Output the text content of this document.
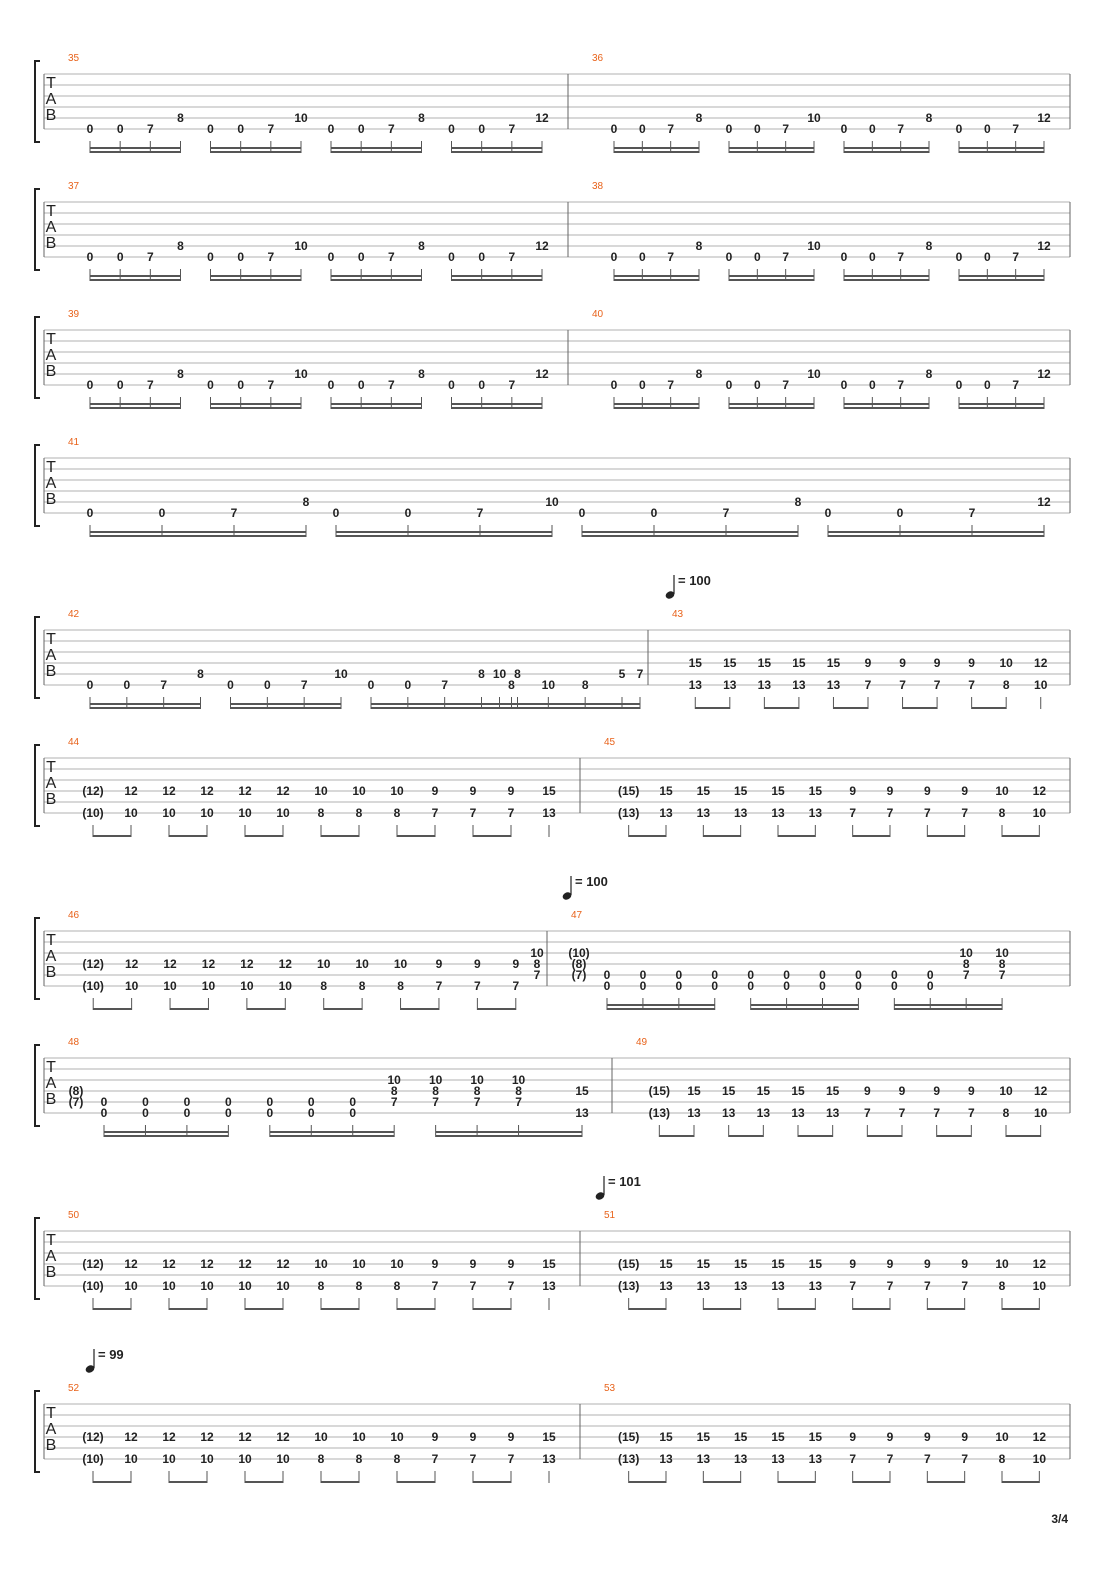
= 100
= 100
= 101
= 99
T
A
B
35
0 0 7
8
0 0 7
10
0 0 7
8
0 0 7
12
36
0 0 7
8
0 0 7
10
0 0 7
8
0 0 7
12
T
A
B
37
0 0 7
8
0 0 7
10
0 0 7
8
0 0 7
12
38
0 0 7
8
0 0 7
10
0 0 7
8
0 0 7
12
T
A
B
39
0 0 7
8
0 0 7
10
0 0 7
8
0 0 7
12
40
0 0 7
8
0 0 7
10
0 0 7
8
0 0 7
12
T
A
B
41
0	0	7
8
0	0	7
10
0	0	7
8
0	0	7
12
T
A
B
42
0	0	7
8
0	0	7
10
0	0	7
8 10 8
8 10 8
5 7
43
15
13
15
13
15
13
15
13
15
13
9
7
9
7
9
7
9
7
10
8
12
10
T
A
B
44
(12)
(10)
12
10
12
10
12
10
12
10
12
10
10
8
10
8
10
8
9
7
9
7
9
7
15
13
45
(15)
(13)
15
13
15
13
15
13
15
13
15
13
9
7
9
7
9
7
9
7
10
8
12
10
T
A
B
46
(12)
(10)
12
10
12
10
12
10
12
10
12
10
10
8
10
8
10
8
9
7
9
7
9
7
10
8
7
47
(10)
(8)
(7) 0
0
0
0
0
0
0
0
0
0
0
0
0
0
0
0
0
0
0
0
10
8
7
10
8
7
T
A
B
48
(8)
(7) 0
0
0
0
0
0
0
0
0
0
0
0
0
0
10
8
7
10
8
7
10
8
7
10
8
7
15
13
49
(15)
(13)
15
13
15
13
15
13
15
13
15
13
9
7
9
7
9
7
9
7
10
8
12
10
T
A
B
50
(12)
(10)
12
10
12
10
12
10
12
10
12
10
10
8
10
8
10
8
9
7
9
7
9
7
15
13
51
(15)
(13)
15
13
15
13
15
13
15
13
15
13
9
7
9
7
9
7
9
7
10
8
12
10
T
A
B
52
(12)
(10)
12
10
12
10
12
10
12
10
12
10
10
8
10
8
10
8
9
7
9
7
9
7
15
13
53
(15)
(13)
15
13
15
13
15
13
15
13
15
13
9
7
9
7
9
7
9
7
10
8
12
10
3/4
